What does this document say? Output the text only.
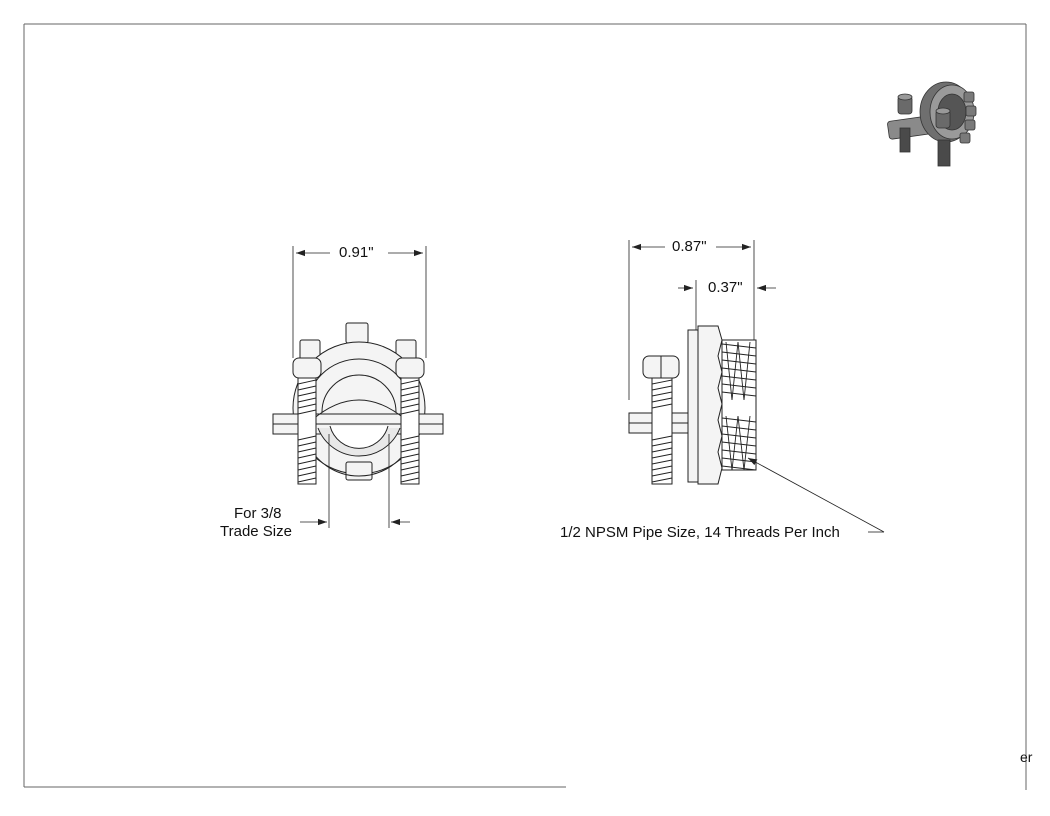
0.91"	0.87"
0.37"
For 3/8
Trade Size	1/2 NPSM Pipe Size, 14 Threads Per Inch
er
